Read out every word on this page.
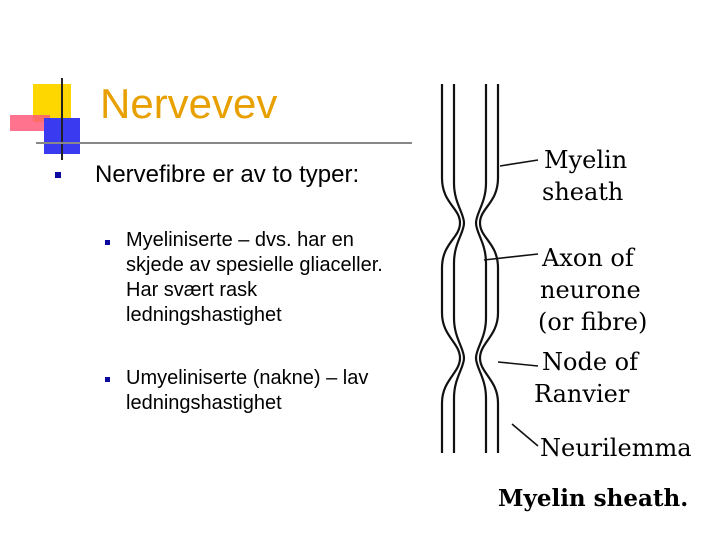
Nervevev
Nervefibre er av to typer:
Myeliniserte – dvs. har en skjede av spesielle gliaceller. Har svært rask ledningshastighet
Umyeliniserte (nakne) – lav ledningshastighet
Myelin
sheath
Axon of
neurone
(or fibre)
Node of
Ranvier
Neurilemma
Myelin sheath.
